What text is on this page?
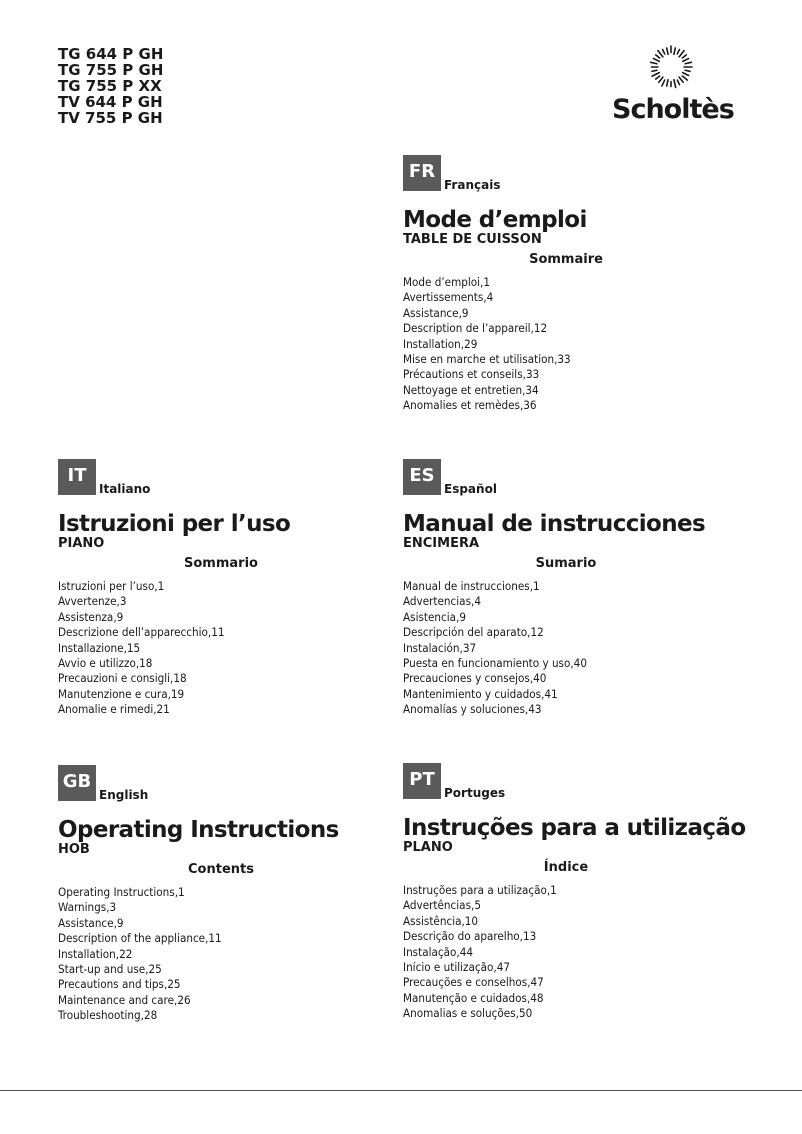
TG 644 P GH
TG 755 P GH
TG 755 P XX
TV 644 P GH
TV 755 P GH	Scholtès
FR
Français
Mode d’emploi
TABLE DE CUISSON
Sommaire
Mode d’emploi,1
Avertissements,4
Assistance,9
Description de l’appareil,12
Installation,29
Mise en marche et utilisation,33
Précautions et conseils,33
Nettoyage et entretien,34
Anomalies et remèdes,36
IT
Italiano
Istruzioni per l’uso
PIANO
Sommario
Istruzioni per l’uso,1
Avvertenze,3
Assistenza,9
Descrizione dell’apparecchio,11
Installazione,15
Avvio e utilizzo,18
Precauzioni e consigli,18
Manutenzione e cura,19
Anomalie e rimedi,21
ES
Español
Manual de instrucciones
ENCIMERA
Sumario
Manual de instrucciones,1
Advertencias,4
Asistencia,9
Descripción del aparato,12
Instalación,37
Puesta en funcionamiento y uso,40
Precauciones y consejos,40
Mantenimiento y cuidados,41
Anomalías y soluciones,43
GB
English
Operating Instructions
HOB
Contents
Operating Instructions,1
Warnings,3
Assistance,9
Description of the appliance,11
Installation,22
Start-up and use,25
Precautions and tips,25
Maintenance and care,26
Troubleshooting,28
PT
Portuges
Instruções para a utilização
PLANO
Índice
Instruções para a utilização,1
Advertências,5
Assistência,10
Descrição do aparelho,13
Instalação,44
Início e utilização,47
Precauções e conselhos,47
Manutenção e cuidados,48
Anomalias e soluções,50
